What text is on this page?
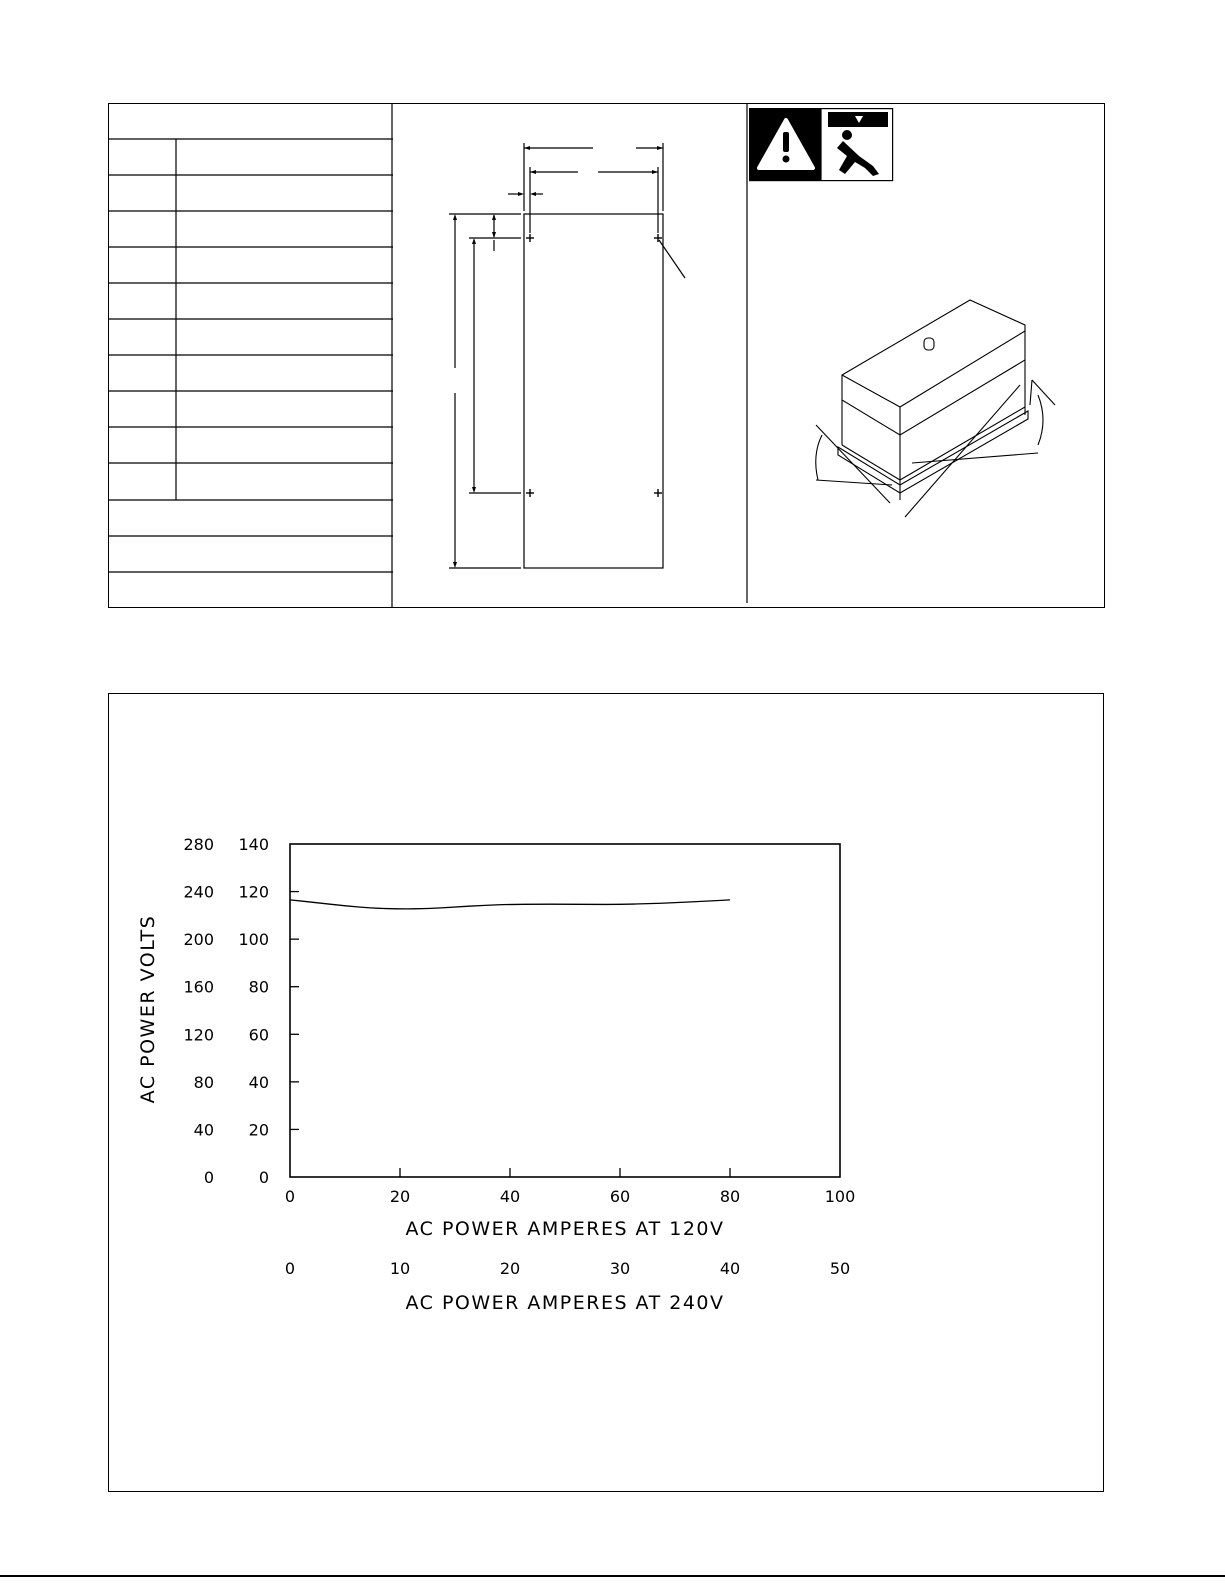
0
20
40
60
80
100
120
140
0
40
80
120
160
200
240
280
0	20	40	60	80	100
0	10	20	30	40	50
AC POWER VOLTS
AC POWER AMPERES AT 120V
AC POWER AMPERES AT 240V
